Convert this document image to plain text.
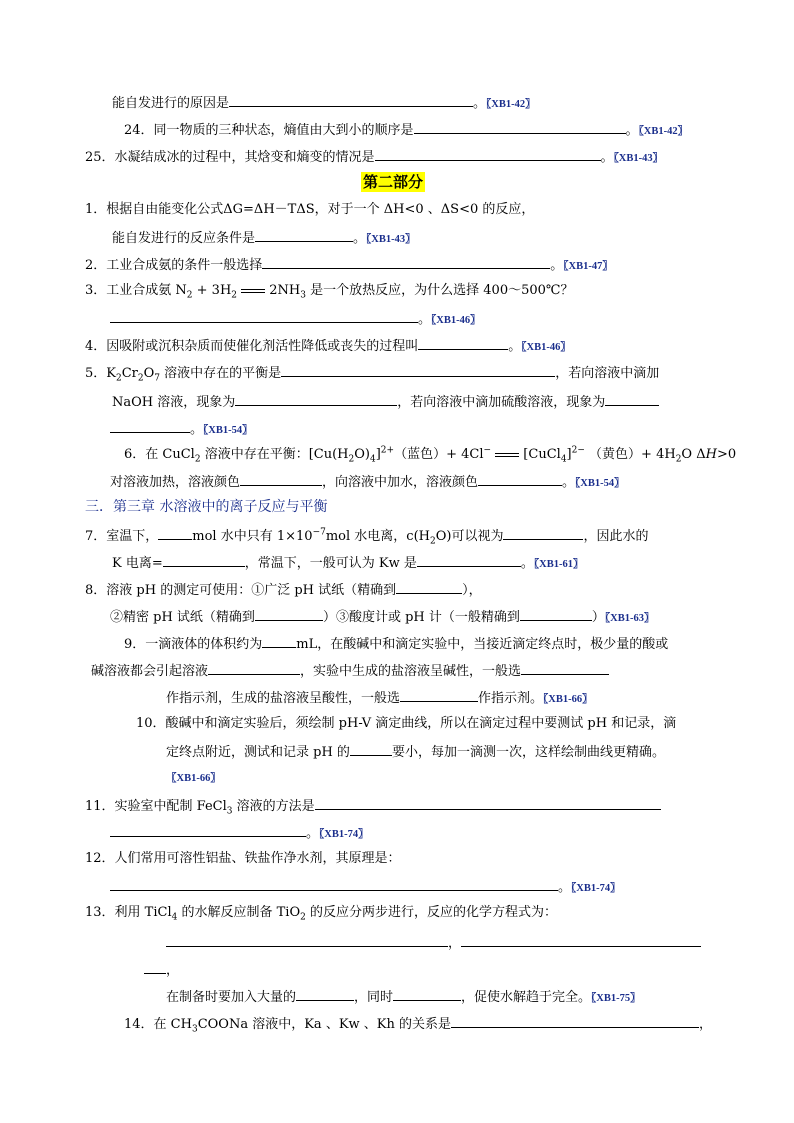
能自发进行的原因是	。〖XB1-42〗
24．同一物质的三种状态，熵值由大到小的顺序是	。〖XB1-42〗
25．水凝结成冰的过程中，其焓变和熵变的情况是	。〖XB1-43〗
第二部分
1．根据自由能变化公式ΔG=ΔH－TΔS，对于一个 ΔH<0 、ΔS<0 的反应，
能自发进行的反应条件是	。〖XB1-43〗
2．工业合成氨的条件一般选择	。〖XB1-47〗
3．工业合成氨 $N_2 + 3H_2$  $2NH_3$ 是一个放热反应，为什么选择 400～500℃？
。〖XB1-46〗
4．因吸附或沉积杂质而使催化剂活性降低或丧失的过程叫	。〖XB1-46〗
5．$K_2Cr_2O_7$ 溶液中存在的平衡是	，若向溶液中滴加
NaOH 溶液，现象为	，若向溶液中滴加硫酸溶液，现象为
。〖XB1-54〗
6．在 CuCl$_2$ 溶液中存在平衡：$[Cu(H_2O)_4]^{2+}$（蓝色）+ 4Cl−  [CuCl$_4$]$^{2-}$ （黄色）+ $4H_2O$ ΔH>0
对溶液加热，溶液颜色	，向溶液中加水，溶液颜色	。〖XB1-54〗
三．第三章 水溶液中的离子反应与平衡
7．室温下，	mol 水中只有 $1\times 10^{-7}mol$ 水电离，$c(H_2O)$可以视为	，因此水的
K 电离=	，常温下，一般可认为 Kw 是	。〖XB1-61〗
8．溶液 pH 的测定可使用：①广泛 pH 试纸（精确到	），
②精密 pH 试纸（精确到	）③酸度计或 pH 计（一般精确到	）〖XB1-63〗
9．一滴液体的体积约为	mL，在酸碱中和滴定实验中，当接近滴定终点时，极少量的酸或
碱溶液都会引起溶液	，实验中生成的盐溶液呈碱性，一般选
作指示剂，生成的盐溶液呈酸性，一般选	作指示剂。〖XB1-66〗
10．酸碱中和滴定实验后，须绘制 pH-V 滴定曲线，所以在滴定过程中要测试 pH 和记录，滴
定终点附近，测试和记录 pH 的	要小，每加一滴测一次，这样绘制曲线更精确。
〖XB1-66〗
11．实验室中配制 FeCl$_3$ 溶液的方法是
。〖XB1-74〗
12．人们常用可溶性铝盐、铁盐作净水剂，其原理是：
。〖XB1-74〗
13．利用 TiCl$_4$ 的水解反应制备 TiO$_2$ 的反应分两步进行，反应的化学方程式为：
，
，
在制备时要加入大量的	，同时	，促使水解趋于完全。〖XB1-75〗
14．在 $CH_3COONa$ 溶液中，Ka 、Kw 、Kh 的关系是	，
